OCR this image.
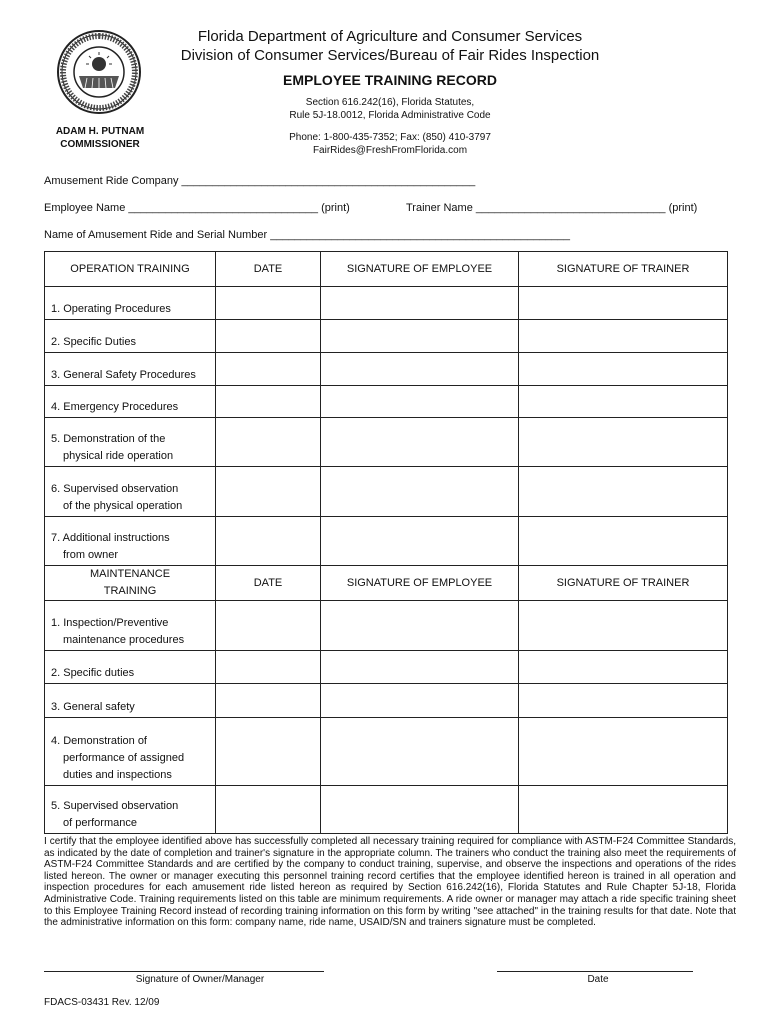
ADAM H. PUTNAM
COMMISSIONER
Florida Department of Agriculture and Consumer Services
Division of Consumer Services/Bureau of Fair Rides Inspection
EMPLOYEE TRAINING RECORD
Section 616.242(16), Florida Statutes,
Rule 5J-18.0012, Florida Administrative Code
Phone: 1-800-435-7352; Fax: (850) 410-3797
FairRides@FreshFromFlorida.com
Amusement Ride Company ________________________________________________
Employee Name _______________________________ (print)	Trainer Name _______________________________ (print)
Name of Amusement Ride and Serial Number _________________________________________________
OPERATION TRAINING	DATE	SIGNATURE OF EMPLOYEE	SIGNATURE OF TRAINER

1. Operating Procedures			

2. Specific Duties			

3. General Safety Procedures			

4. Emergency Procedures			

5. Demonstration of the
physical ride operation			

6. Supervised observation
of the physical operation			

7. Additional instructions
from owner			

MAINTENANCE
TRAINING	DATE	SIGNATURE OF EMPLOYEE	SIGNATURE OF TRAINER

1. Inspection/Preventive
maintenance procedures			

2. Specific duties			

3. General safety			

4. Demonstration of
performance of assigned
duties and inspections			

5. Supervised observation
of performance			

I certify that the employee identified above has successfully completed all necessary training required for compliance with ASTM-F24 Committee Standards, as indicated by the date of completion and trainer's signature in the appropriate column. The trainers who conduct the training also meet the requirements of ASTM-F24 Committee Standards and are certified by the company to conduct training, supervise, and observe the inspections and operations of the rides listed hereon. The owner or manager executing this personnel training record certifies that the employee identified hereon is trained in all operation and inspection procedures for each amusement ride listed hereon as required by Section 616.242(16), Florida Statutes and Rule Chapter 5J-18, Florida Administrative Code. Training requirements listed on this table are minimum requirements. A ride owner or manager may attach a ride specific training sheet to this Employee Training Record instead of recording training information on this form by writing "see attached" in the training results for that date. Note that the administrative information on this form: company name, ride name, USAID/SN and trainers signature must be completed.
Signature of Owner/Manager	Date
FDACS-03431 Rev. 12/09
